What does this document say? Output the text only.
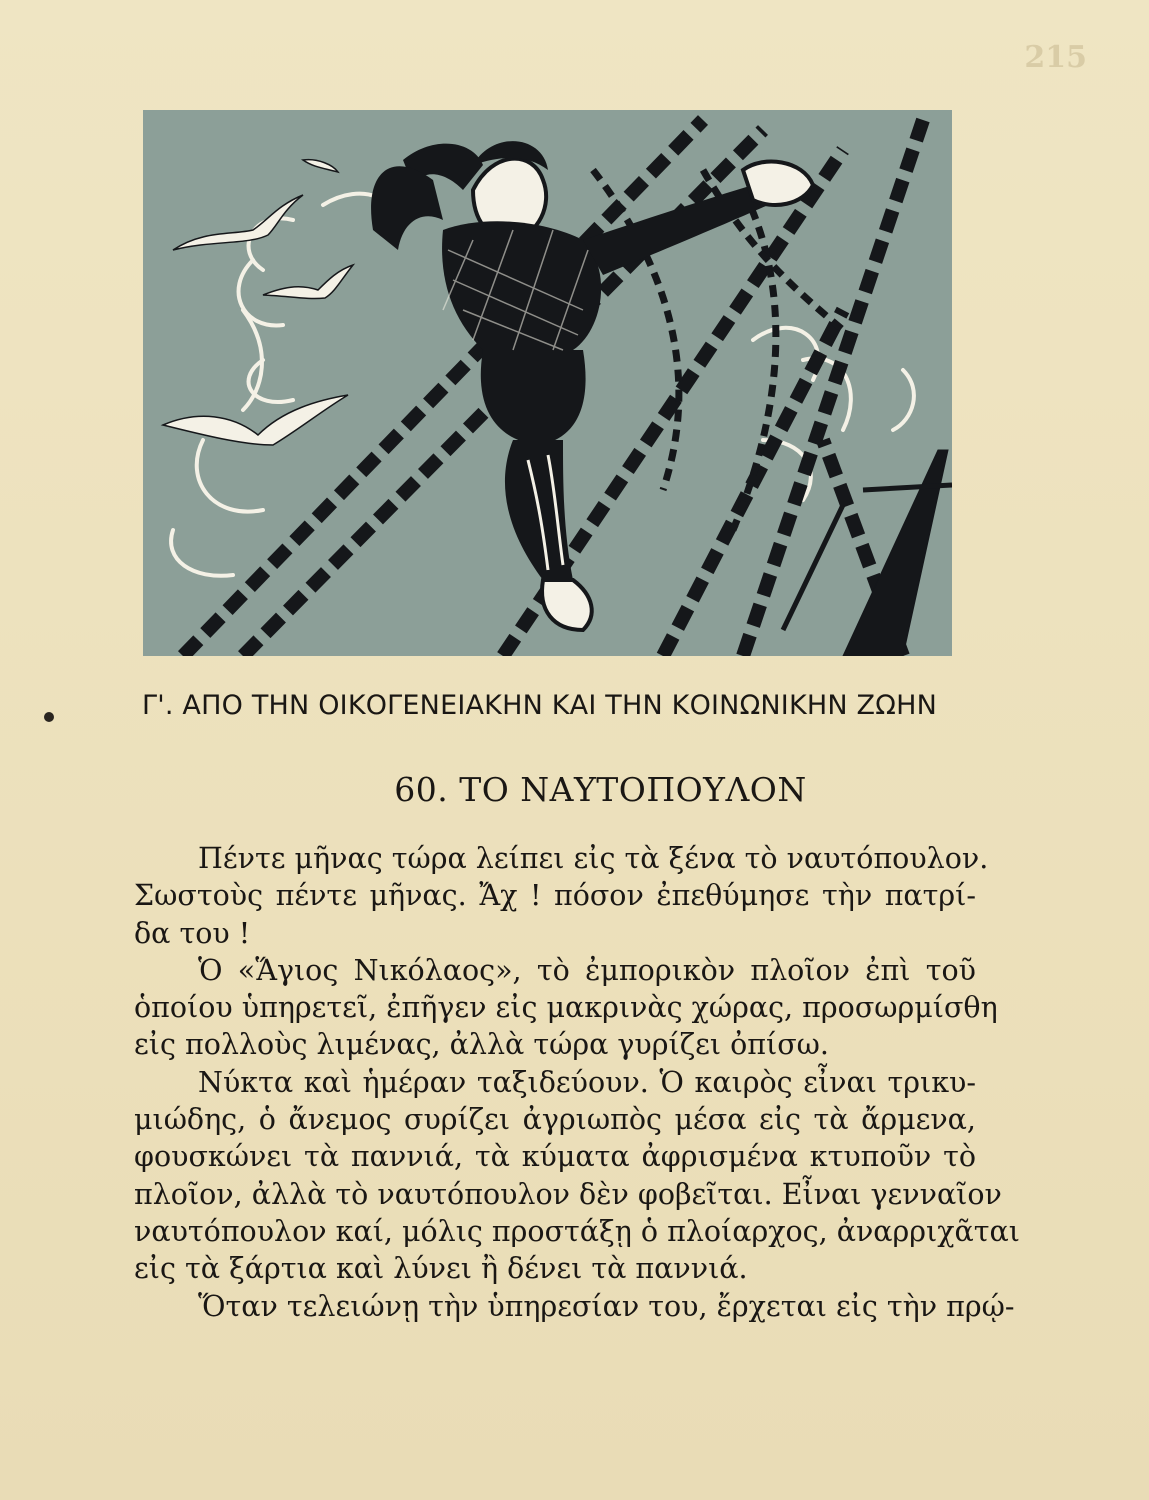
215
Γ'. ΑΠΟ ΤΗΝ ΟΙΚΟΓΕΝΕΙΑΚΗΝ ΚΑΙ ΤΗΝ ΚΟΙΝΩΝΙΚΗΝ ΖΩΗΝ
60. ΤΟ ΝΑΥΤΟΠΟΥΛΟΝ

Πέντε μῆνας τώρα λείπει εἰς τὰ ξένα τὸ ναυτόπουλον.
Σωστοὺς πέντε μῆνας. Ἄχ ! πόσον ἐπεθύμησε τὴν πατρί-
δα του !

Ὁ «Ἅγιος Νικόλαος», τὸ ἐμπορικὸν πλοῖον ἐπὶ τοῦ
ὁποίου ὑπηρετεῖ, ἐπῆγεν εἰς μακρινὰς χώρας, προσωρμίσθη
εἰς πολλοὺς λιμένας, ἀλλὰ τώρα γυρίζει ὀπίσω.

Νύκτα καὶ ἡμέραν ταξιδεύουν. Ὁ καιρὸς εἶναι τρικυ-
μιώδης, ὁ ἄνεμος συρίζει ἀγριωπὸς μέσα εἰς τὰ ἄρμενα,
φουσκώνει τὰ παννιά, τὰ κύματα ἀφρισμένα κτυποῦν τὸ
πλοῖον, ἀλλὰ τὸ ναυτόπουλον δὲν φοβεῖται. Εἶναι γενναῖον
ναυτόπουλον καί, μόλις προστάξῃ ὁ πλοίαρχος, ἀναρριχᾶται
εἰς τὰ ξάρτια καὶ λύνει ἢ δένει τὰ παννιά.

Ὅταν τελειώνῃ τὴν ὑπηρεσίαν του, ἔρχεται εἰς τὴν πρῴ-
